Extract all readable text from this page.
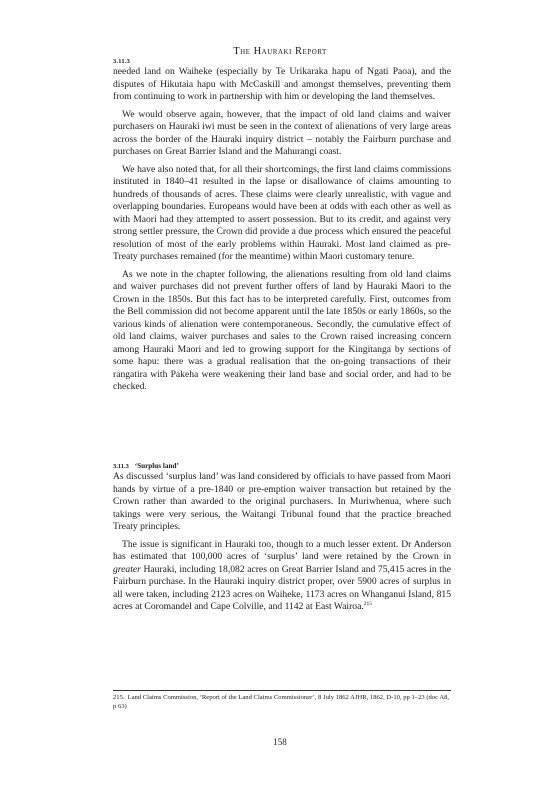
The Hauraki Report
3.11.3

needed land on Waiheke (especially by Te Urikaraka hapu of Ngati Paoa), and the disputes of Hikutaia hapu with McCaskill and amongst themselves, preventing them from continuing to work in partnership with him or developing the land themselves.

We would observe again, however, that the impact of old land claims and waiver purchasers on Hauraki iwi must be seen in the context of alienations of very large areas across the border of the Hauraki inquiry district – notably the Fairburn purchase and purchases on Great Barrier Island and the Mahurangi coast.

We have also noted that, for all their shortcomings, the first land claims commissions instituted in 1840–41 resulted in the lapse or disallowance of claims amounting to hundreds of thousands of acres. These claims were clearly unrealistic, with vague and overlapping boundaries. Europeans would have been at odds with each other as well as with Maori had they attempted to assert possession. But to its credit, and against very strong settler pressure, the Crown did provide a due process which ensured the peaceful resolution of most of the early problems within Hauraki. Most land claimed as pre-Treaty purchases remained (for the meantime) within Maori customary tenure.

As we note in the chapter following, the alienations resulting from old land claims and waiver purchases did not prevent further offers of land by Hauraki Maori to the Crown in the 1850s. But this fact has to be interpreted carefully. First, outcomes from the Bell commission did not become apparent until the late 1850s or early 1860s, so the various kinds of alienation were contemporaneous. Secondly, the cumulative effect of old land claims, waiver purchases and sales to the Crown raised increasing concern among Hauraki Maori and led to growing support for the Kingitanga by sections of some hapu: there was a gradual realisation that the on-going transactions of their rangatira with Pakeha were weakening their land base and social order, and had to be checked.

3.11.3 ‘Surplus land’

As discussed ‘surplus land’ was land considered by officials to have passed from Maori hands by virtue of a pre-1840 or pre-emption waiver transaction but retained by the Crown rather than awarded to the original purchasers. In Muriwhenua, where such takings were very serious, the Waitangi Tribunal found that the practice breached Treaty principles.

The issue is significant in Hauraki too, though to a much lesser extent. Dr Anderson has estimated that 100,000 acres of ‘surplus’ land were retained by the Crown in greater Hauraki, including 18,082 acres on Great Barrier Island and 75,415 acres in the Fairburn purchase. In the Hauraki inquiry district proper, over 5900 acres of surplus in all were taken, including 2123 acres on Waiheke, 1173 acres on Whanganui Island, 815 acres at Coromandel and Cape Colville, and 1142 at East Wairoa.$^{215}$

215. Land Claims Commission, ‘Report of the Land Claims Commissioner’, 8 July 1862 AJHR, 1862, D-10, pp 1–23 (doc A8, p 63)
158
